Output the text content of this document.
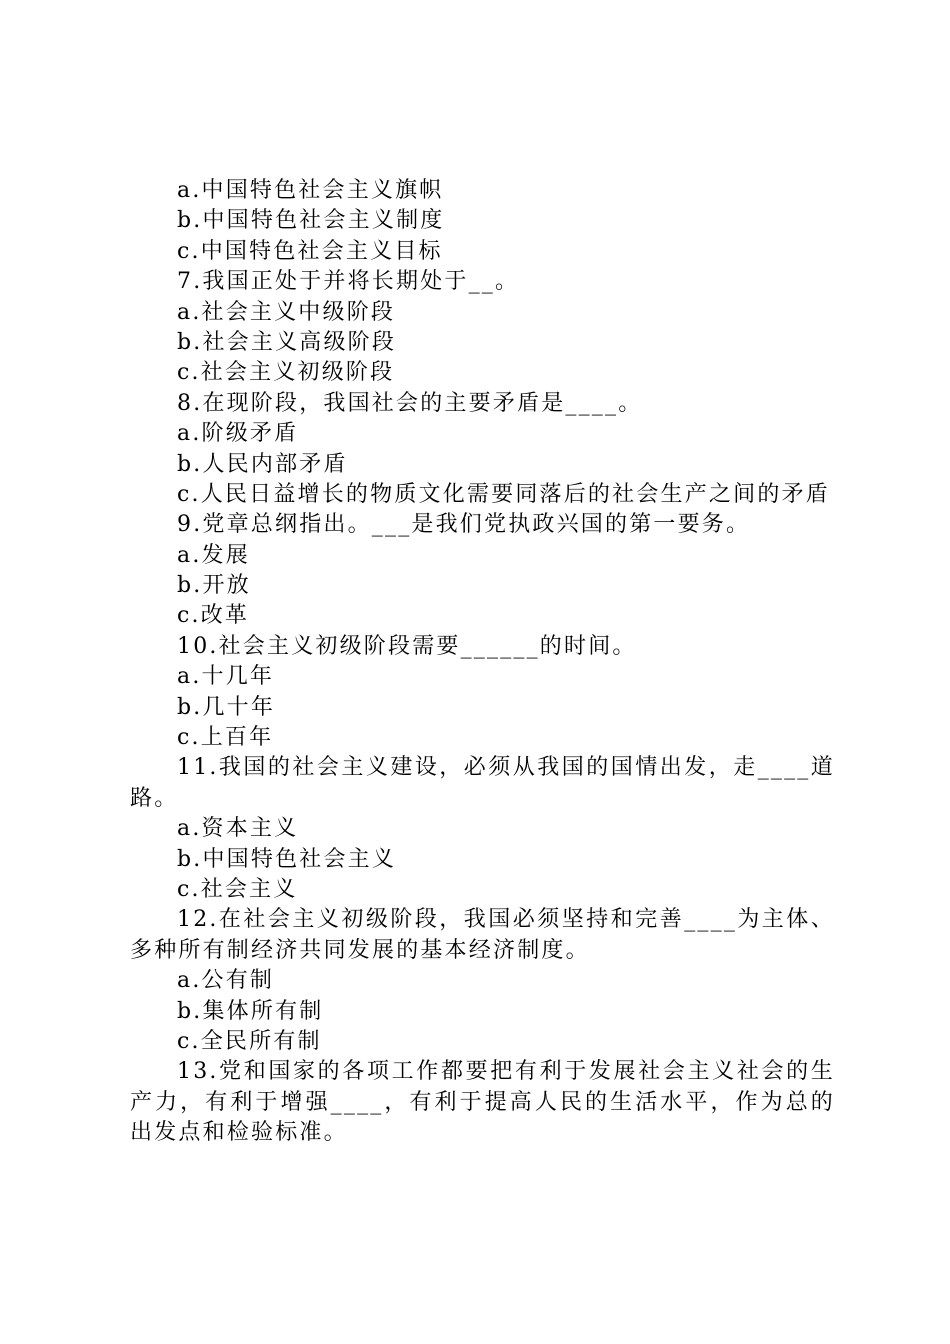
a.中国特色社会主义旗帜
b.中国特色社会主义制度
c.中国特色社会主义目标
7.我国正处于并将长期处于__。
a.社会主义中级阶段
b.社会主义高级阶段
c.社会主义初级阶段
8.在现阶段，我国社会的主要矛盾是____。
a.阶级矛盾
b.人民内部矛盾
c.人民日益增长的物质文化需要同落后的社会生产之间的矛盾
9.党章总纲指出。___是我们党执政兴国的第一要务。
a.发展
b.开放
c.改革
10.社会主义初级阶段需要______的时间。
a.十几年
b.几十年
c.上百年
11.我国的社会主义建设，必须从我国的国情出发，走____道路。
a.资本主义
b.中国特色社会主义
c.社会主义
12.在社会主义初级阶段，我国必须坚持和完善____为主体、多种所有制经济共同发展的基本经济制度。
a.公有制
b.集体所有制
c.全民所有制
13.党和国家的各项工作都要把有利于发展社会主义社会的生产力，有利于增强____，有利于提高人民的生活水平，作为总的出发点和检验标准。
